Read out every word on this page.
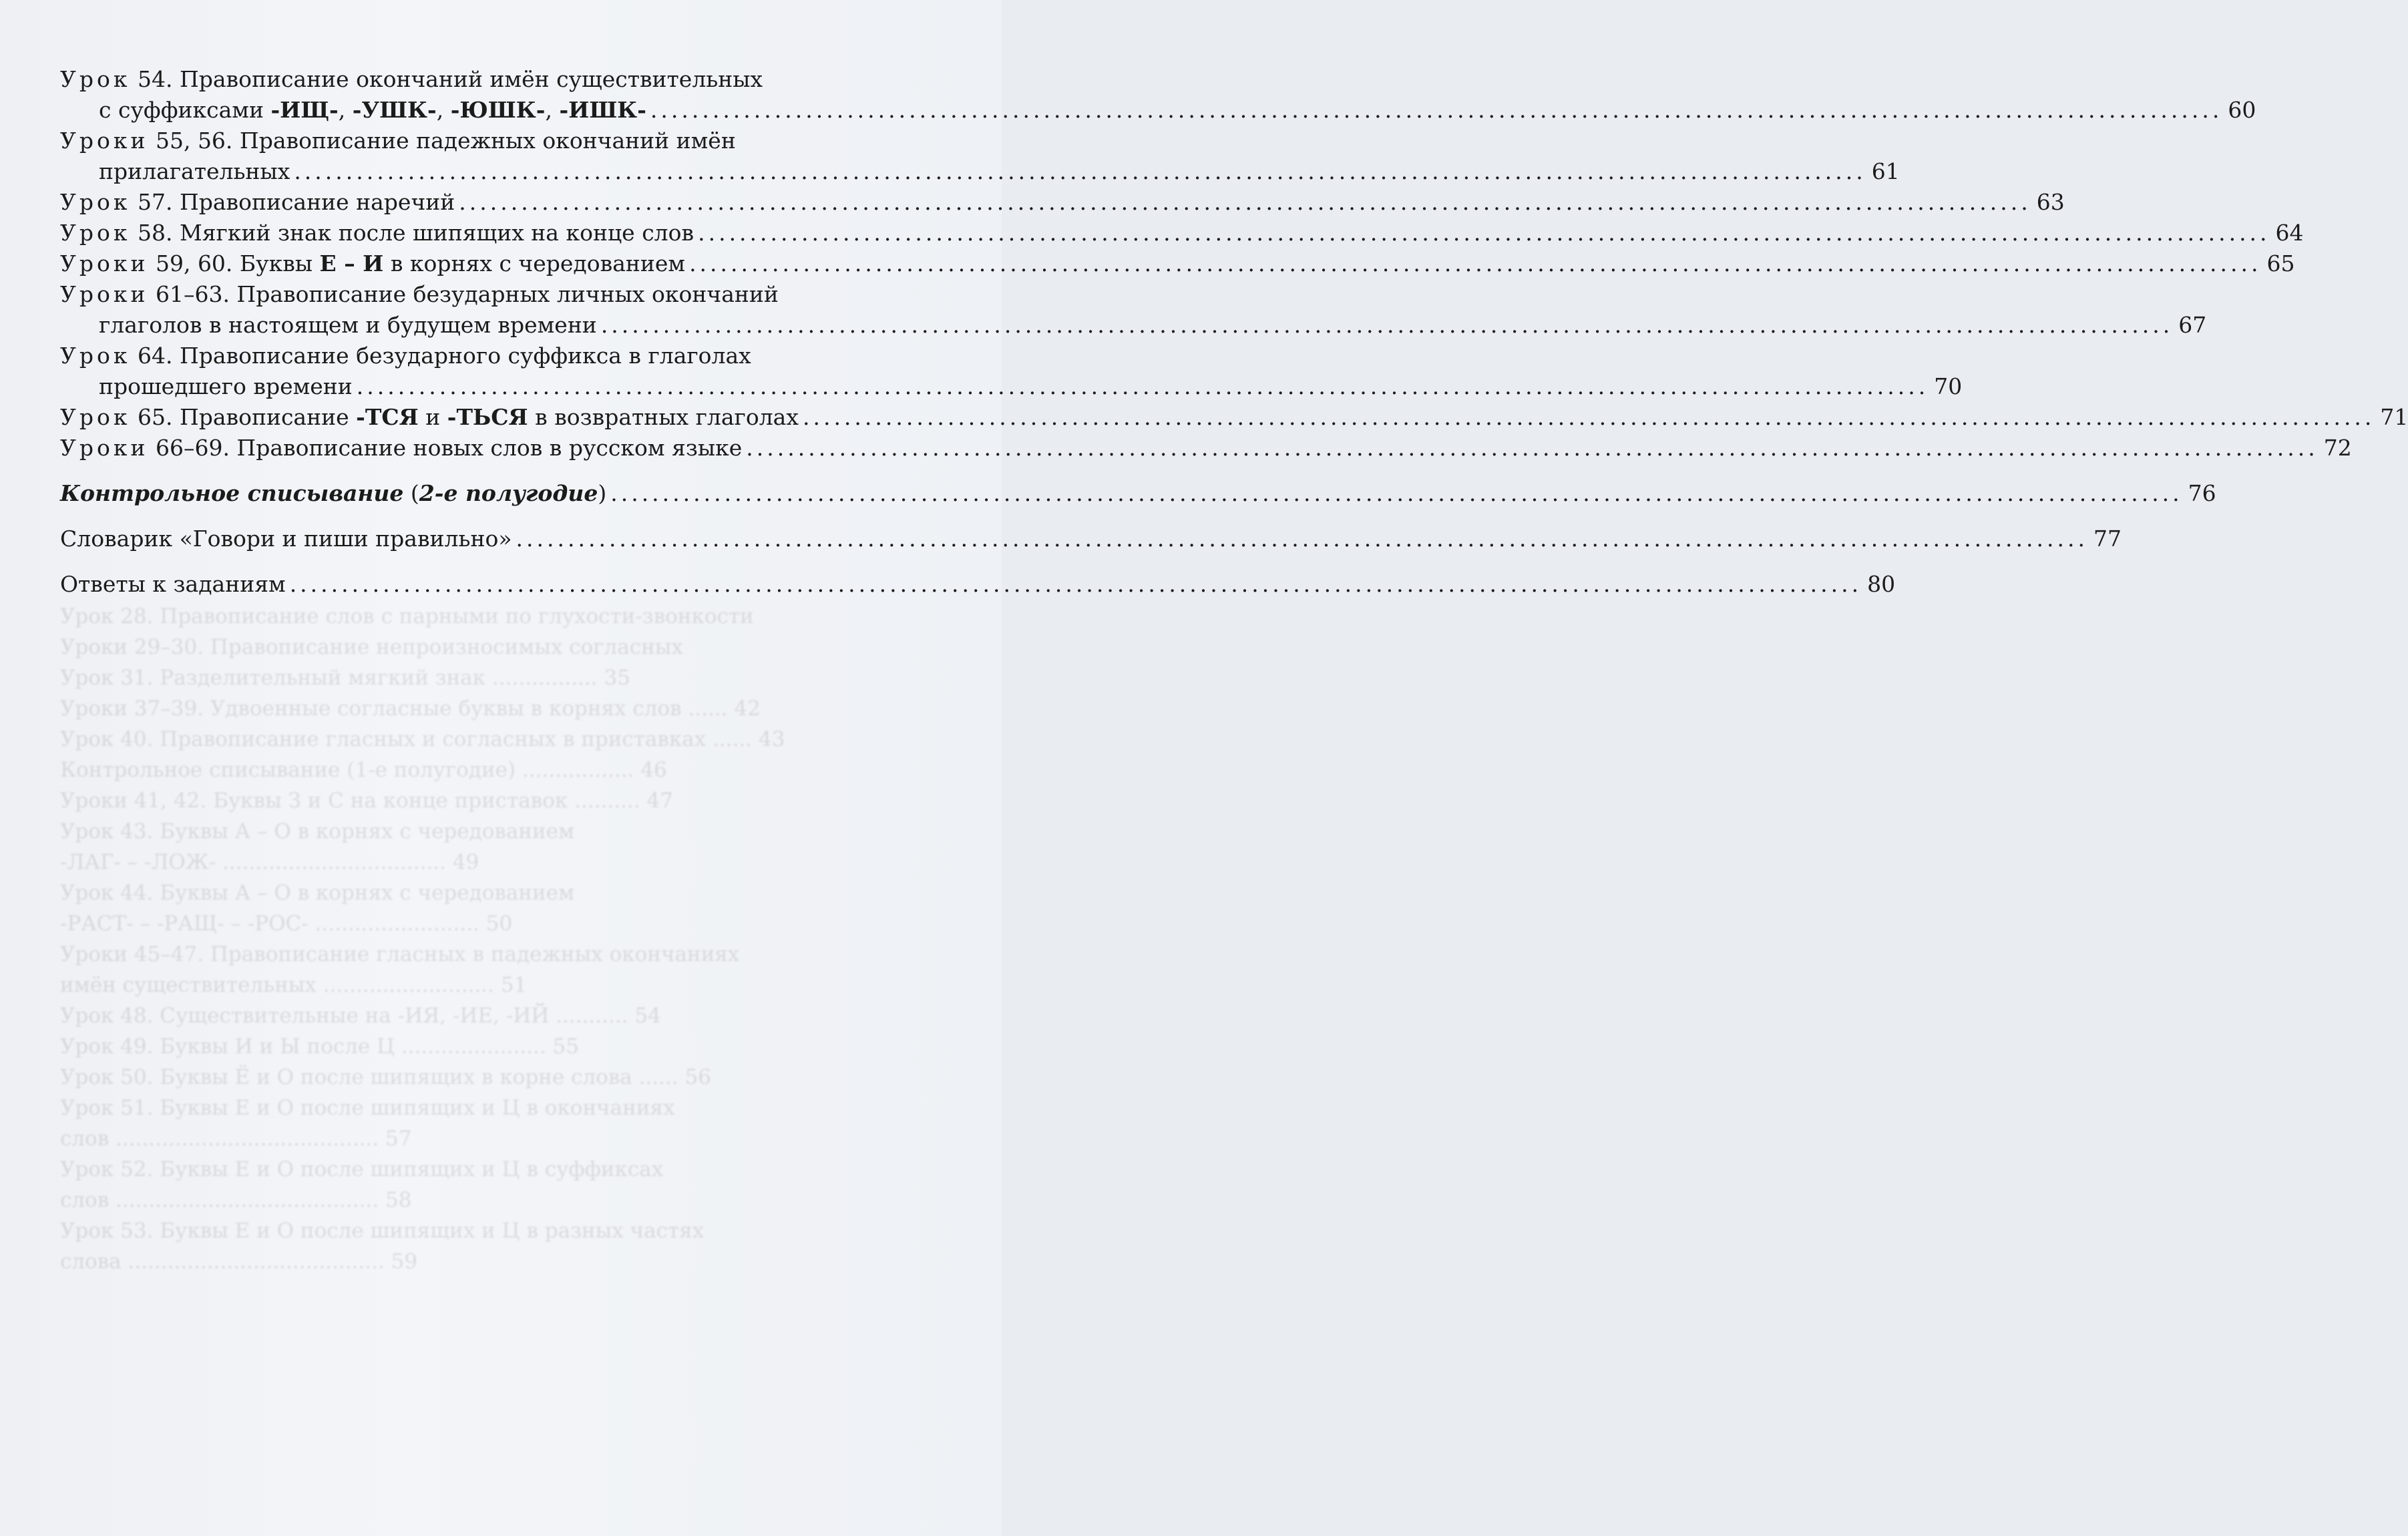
Урок 28. Правописание слов с парными по глухости-звонкости
Уроки 29–30. Правописание непроизносимых согласных
Урок 31. Разделительный мягкий знак ................ 35
Уроки 37–39. Удвоенные согласные буквы в корнях слов ...... 42
Урок 40. Правописание гласных и согласных в приставках ...... 43
Контрольное списывание (1-е полугодие) ................. 46
Уроки 41, 42. Буквы З и С на конце приставок .......... 47
Урок 43. Буквы А – О в корнях с чередованием
-ЛАГ- – -ЛОЖ- .................................. 49
Урок 44. Буквы А – О в корнях с чередованием
-РАСТ- – -РАЩ- – -РОС- ......................... 50
Уроки 45–47. Правописание гласных в падежных окончаниях
имён существительных .......................... 51
Урок 48. Существительные на -ИЯ, -ИЕ, -ИЙ ........... 54
Урок 49. Буквы И и Ы после Ц ...................... 55
Урок 50. Буквы Ё и О после шипящих в корне слова ...... 56
Урок 51. Буквы Е и О после шипящих и Ц в окончаниях
слов ........................................ 57
Урок 52. Буквы Е и О после шипящих и Ц в суффиксах
слов ........................................ 58
Урок 53. Буквы Е и О после шипящих и Ц в разных частях
слова ....................................... 59
Урок 54. Правописание окончаний имён существительных
с суффиксами -ИЩ-, -УШК-, -ЮШК-, -ИШК- ........................................................................................................................................................ 60
Уроки 55, 56. Правописание падежных окончаний имён
прилагательных ........................................................................................................................................................ 61
Урок 57. Правописание наречий ........................................................................................................................................................ 63
Урок 58. Мягкий знак после шипящих на конце слов ........................................................................................................................................................ 64
Уроки 59, 60. Буквы Е – И в корнях с чередованием ........................................................................................................................................................ 65
Уроки 61–63. Правописание безударных личных окончаний
глаголов в настоящем и будущем времени ........................................................................................................................................................ 67
Урок 64. Правописание безударного суффикса в глаголах
прошедшего времени ........................................................................................................................................................ 70
Урок 65. Правописание -ТСЯ и -ТЬСЯ в возвратных глаголах ........................................................................................................................................................ 71
Уроки 66–69. Правописание новых слов в русском языке ........................................................................................................................................................ 72
Контрольное списывание (2-е полугодие) ........................................................................................................................................................ 76
Словарик «Говори и пиши правильно» ........................................................................................................................................................ 77
Ответы к заданиям ........................................................................................................................................................ 80
